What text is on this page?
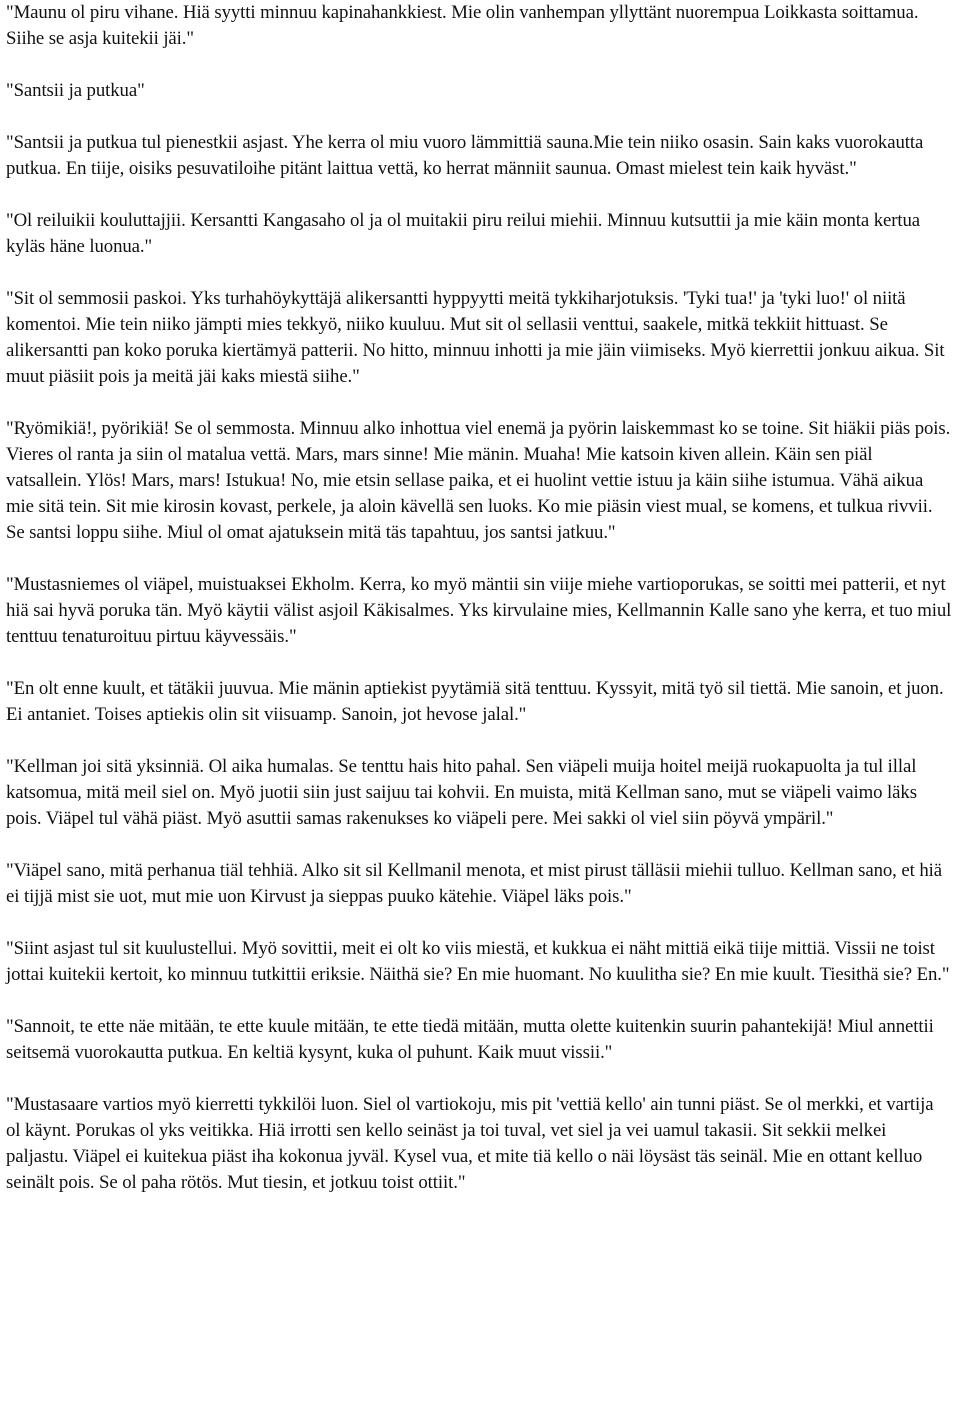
"Maunu ol piru vihane. Hiä syytti minnuu kapinahankkiest. Mie olin vanhempan yllyttänt nuorempua Loikkasta soittamua. Siihe se asja kuitekii jäi."

"Santsii ja putkua"

"Santsii ja putkua tul pienestkii asjast. Yhe kerra ol miu vuoro lämmittiä sauna.Mie tein niiko osasin. Sain kaks vuorokautta putkua. En tiije, oisiks pesuvatiloihe pitänt laittua vettä, ko herrat männiit saunua. Omast mielest tein kaik hyväst."

"Ol reiluikii kouluttajjii. Kersantti Kangasaho ol ja ol muitakii piru reilui miehii. Minnuu kutsuttii ja mie käin monta kertua kyläs häne luonua."

"Sit ol semmosii paskoi. Yks turhahöykyttäjä alikersantti hyppyytti meitä tykkiharjotuksis. 'Tyki tua!' ja 'tyki luo!' ol niitä komentoi. Mie tein niiko jämpti mies tekkyö, niiko kuuluu. Mut sit ol sellasii venttui, saakele, mitkä tekkiit hittuast. Se alikersantti pan koko poruka kiertämyä patterii. No hitto, minnuu inhotti ja mie jäin viimiseks. Myö kierrettii jonkuu aikua. Sit muut piäsiit pois ja meitä jäi kaks miestä siihe."

"Ryömikiä!, pyörikiä! Se ol semmosta. Minnuu alko inhottua viel enemä ja pyörin laiskemmast ko se toine. Sit hiäkii piäs pois. Vieres ol ranta ja siin ol matalua vettä. Mars, mars sinne! Mie mänin. Muaha! Mie katsoin kiven allein. Käin sen piäl vatsallein. Ylös! Mars, mars! Istukua! No, mie etsin sellase paika, et ei huolint vettie istuu ja käin siihe istumua. Vähä aikua mie sitä tein. Sit mie kirosin kovast, perkele, ja aloin kävellä sen luoks. Ko mie piäsin viest mual, se komens, et tulkua rivvii. Se santsi loppu siihe. Miul ol omat ajatuksein mitä täs tapahtuu, jos santsi jatkuu."

"Mustasniemes ol viäpel, muistuaksei Ekholm. Kerra, ko myö mäntii sin viije miehe vartioporukas, se soitti mei patterii, et nyt hiä sai hyvä poruka tän. Myö käytii välist asjoil Käkisalmes. Yks kirvulaine mies, Kellmannin Kalle sano yhe kerra, et tuo miul tenttuu tenaturoituu pirtuu käyvessäis."

"En olt enne kuult, et tätäkii juuvua. Mie mänin aptiekist pyytämiä sitä tenttuu. Kyssyit, mitä työ sil tiettä. Mie sanoin, et juon. Ei antaniet. Toises aptiekis olin sit viisuamp. Sanoin, jot hevose jalal."

"Kellman joi sitä yksinniä. Ol aika humalas. Se tenttu hais hito pahal. Sen viäpeli muija hoitel meijä ruokapuolta ja tul illal katsomua, mitä meil siel on. Myö juotii siin just saijuu tai kohvii. En muista, mitä Kellman sano, mut se viäpeli vaimo läks pois. Viäpel tul vähä piäst. Myö asuttii samas rakenukses ko viäpeli pere. Mei sakki ol viel siin pöyvä ympäril."

"Viäpel sano, mitä perhanua tiäl tehhiä. Alko sit sil Kellmanil menota, et mist pirust tälläsii miehii tulluo. Kellman sano, et hiä ei tijjä mist sie uot, mut mie uon Kirvust ja sieppas puuko kätehie. Viäpel läks pois."

"Siint asjast tul sit kuulustellui. Myö sovittii, meit ei olt ko viis miestä, et kukkua ei näht mittiä eikä tiije mittiä. Vissii ne toist jottai kuitekii kertoit, ko minnuu tutkittii eriksie. Näithä sie? En mie huomant. No kuulitha sie? En mie kuult. Tiesithä sie? En."

"Sannoit, te ette näe mitään, te ette kuule mitään, te ette tiedä mitään, mutta olette kuitenkin suurin pahantekijä! Miul annettii seitsemä vuorokautta putkua. En keltiä kysynt, kuka ol puhunt. Kaik muut vissii."

"Mustasaare vartios myö kierretti tykkilöi luon. Siel ol vartiokoju, mis pit 'vettiä kello' ain tunni piäst. Se ol merkki, et vartija ol käynt. Porukas ol yks veitikka. Hiä irrotti sen kello seinäst ja toi tuval, vet siel ja vei uamul takasii. Sit sekkii melkei paljastu. Viäpel ei kuitekua piäst iha kokonua jyväl. Kysel vua, et mite tiä kello o näi löysäst täs seinäl. Mie en ottant kelluo seinält pois. Se ol paha rötös. Mut tiesin, et jotkuu toist ottiit."
